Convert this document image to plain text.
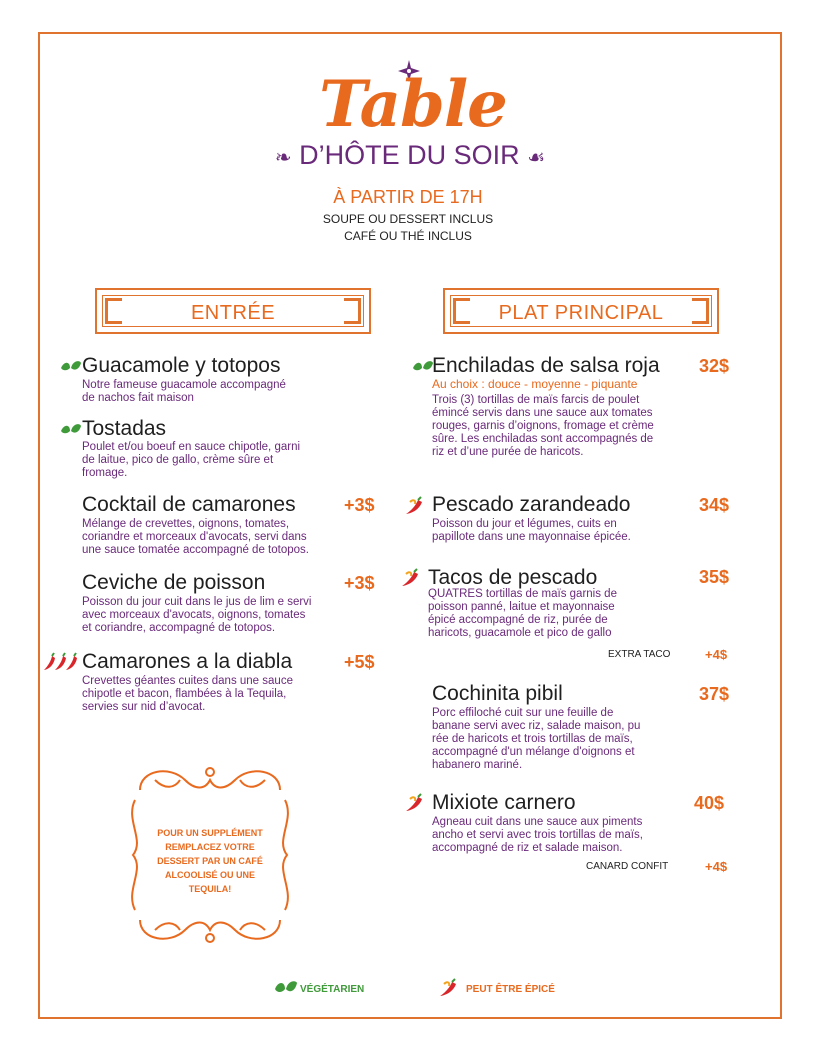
Table
❧ D’HÔTE DU SOIR ☙
À PARTIR DE 17H
SOUPE OU DESSERT INCLUS
CAFÉ OU THÉ INCLUS
ENTRÉE	PLAT PRINCIPAL
Guacamole y totopos
Notre fameuse guacamole accompagné
de nachos fait maison
Tostadas
Poulet et/ou boeuf en sauce chipotle, garni
de laitue, pico de gallo, crème sûre et
fromage.
Cocktail de camarones	+3$
Mélange de crevettes, oignons, tomates,
coriandre et morceaux d'avocats, servi dans
une sauce tomatée accompagné de totopos.
Ceviche de poisson	+3$
Poisson du jour cuit dans le jus de lim e servi
avec morceaux d'avocats, oignons, tomates
et coriandre, accompagné de totopos.
Camarones a la diabla	+5$
Crevettes géantes cuites dans une sauce
chipotle et bacon, flambées à la Tequila,
servies sur nid d’avocat.
POUR UN SUPPLÉMENT
REMPLACEZ VOTRE
DESSERT PAR UN CAFÉ
ALCOOLISÉ OU UNE
TEQUILA!
Enchiladas de salsa roja 32$
Au choix : douce - moyenne - piquante
Trois (3) tortillas de maïs farcis de poulet
émincé servis dans une sauce aux tomates
rouges, garnis d’oignons, fromage et crème
sûre. Les enchiladas sont accompagnés de
riz et d’une purée de haricots.
Pescado zarandeado	34$
Poisson du jour et légumes, cuits en
papillote dans une mayonnaise épicée.
Tacos de pescado	35$
QUATRES tortillas de maïs garnis de
poisson panné, laitue et mayonnaise
épicé accompagné de riz, purée de
haricots, guacamole et pico de gallo
EXTRA TACO	+4$
Cochinita pibil	37$
Porc effiloché cuit sur une feuille de
banane servi avec riz, salade maison, pu
rée de haricots et trois tortillas de maïs,
accompagné d'un mélange d'oignons et
habanero mariné.
Mixiote carnero	40$
Agneau cuit dans une sauce aux piments
ancho et servi avec trois tortillas de maïs,
accompagné de riz et salade maison.
CANARD CONFIT	+4$
VÉGÉTARIEN	PEUT ÊTRE ÉPICÉ
